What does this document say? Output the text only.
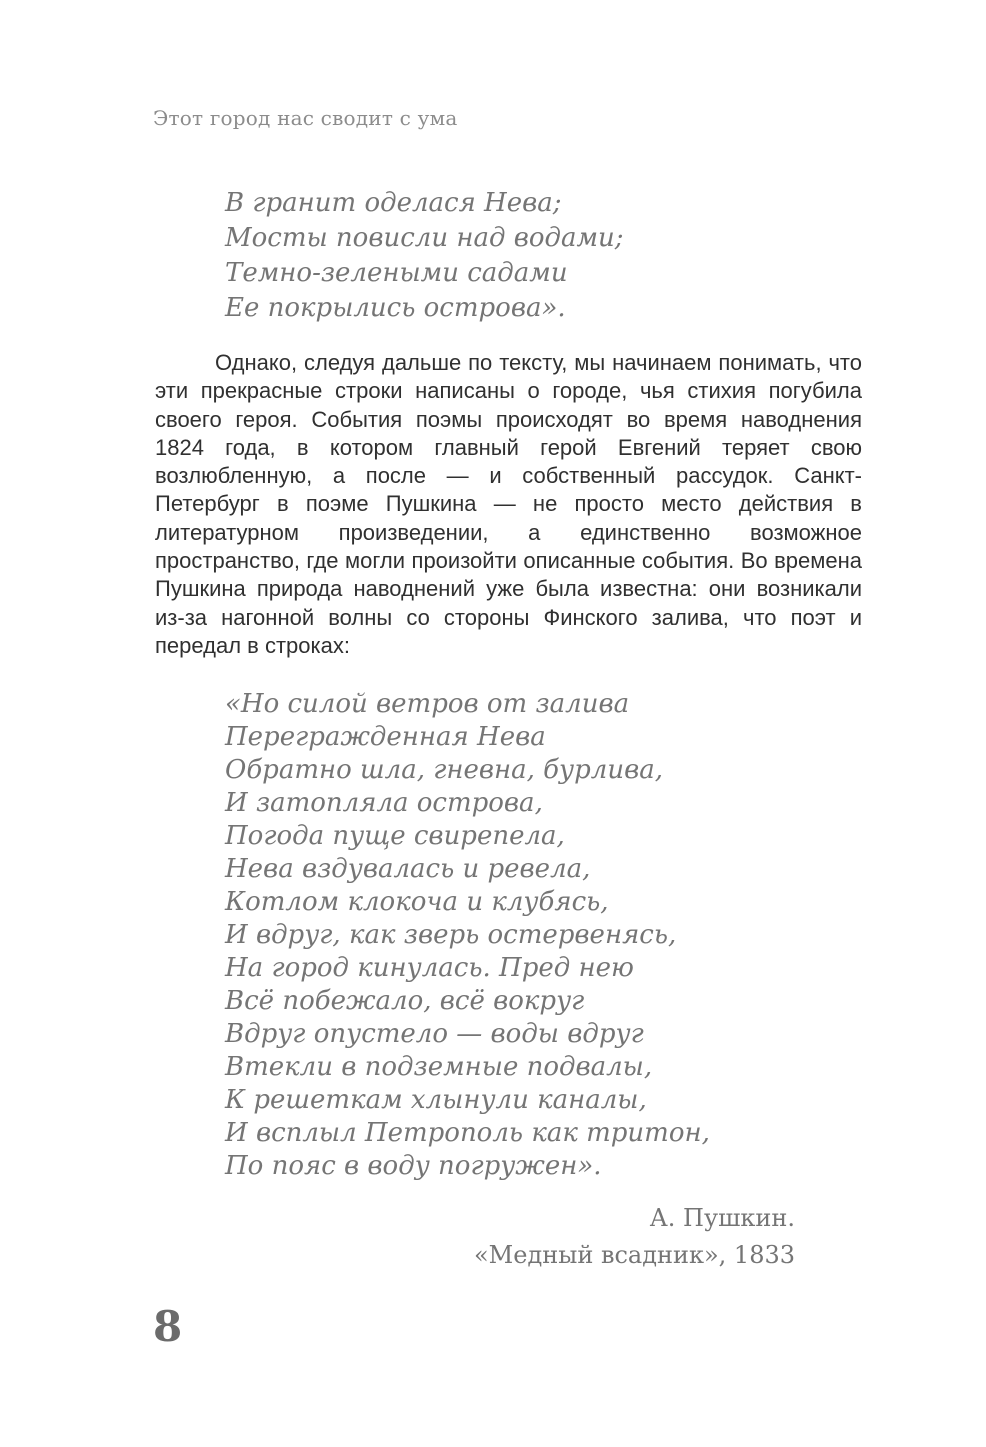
Этот город нас сводит с ума
В гранит оделася Нева;
Мосты повисли над водами;
Темно-зелеными садами
Ее покрылись острова».

Однако, следуя дальше по тексту, мы начинаем понимать, что эти прекрасные строки написаны о городе, чья стихия погубила своего героя. События поэмы происходят во время наводнения 1824 года, в котором главный герой Евгений теряет свою возлюбленную, а после — и собственный рассудок. Санкт-Петербург в поэме Пушкина — не просто место действия в литературном произведении, а единственно возможное пространство, где могли произойти описанные события. Во времена Пушкина природа наводнений уже была известна: они возникали из-за нагонной волны со стороны Финского залива, что поэт и передал в строках:

«Но силой ветров от залива
Перегражденная Нева
Обратно шла, гневна, бурлива,
И затопляла острова,
Погода пуще свирепела,
Нева вздувалась и ревела,
Котлом клокоча и клубясь,
И вдруг, как зверь остервенясь,
На город кинулась. Пред нею
Всё побежало, всё вокруг
Вдруг опустело — воды вдруг
Втекли в подземные подвалы,
К решеткам хлынули каналы,
И всплыл Петрополь как тритон,
По пояс в воду погружен».
А. Пушкин.
«Медный всадник», 1833
8
